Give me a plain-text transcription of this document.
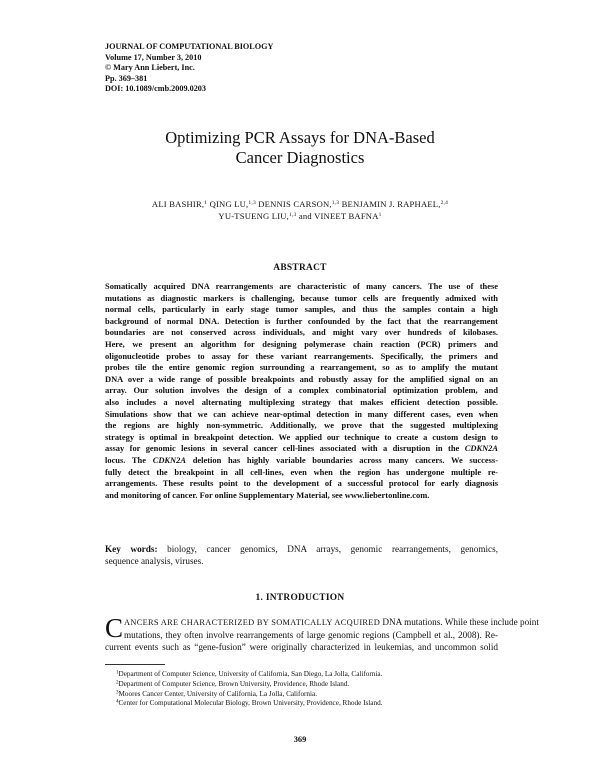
JOURNAL OF COMPUTATIONAL BIOLOGY
Volume 17, Number 3, 2010
© Mary Ann Liebert, Inc.
Pp. 369–381
DOI: 10.1089/cmb.2009.0203
Optimizing PCR Assays for DNA-Based
Cancer Diagnostics
ALI BASHIR,$^1$ QING LU,$^{1,3}$ DENNIS CARSON,$^{1,3}$ BENJAMIN J. RAPHAEL,$^{2,4}$
YU-TSUENG LIU,$^{1,3}$ and VINEET BAFNA$^1$
ABSTRACT
Somatically acquired DNA rearrangements are characteristic of many cancers. The use of these
mutations as diagnostic markers is challenging, because tumor cells are frequently admixed with
normal cells, particularly in early stage tumor samples, and thus the samples contain a high
background of normal DNA. Detection is further confounded by the fact that the rearrangement
boundaries are not conserved across individuals, and might vary over hundreds of kilobases.
Here, we present an algorithm for designing polymerase chain reaction (PCR) primers and
oligonucleotide probes to assay for these variant rearrangements. Specifically, the primers and
probes tile the entire genomic region surrounding a rearrangement, so as to amplify the mutant
DNA over a wide range of possible breakpoints and robustly assay for the amplified signal on an
array. Our solution involves the design of a complex combinatorial optimization problem, and
also includes a novel alternating multiplexing strategy that makes efficient detection possible.
Simulations show that we can achieve near-optimal detection in many different cases, even when
the regions are highly non-symmetric. Additionally, we prove that the suggested multiplexing
strategy is optimal in breakpoint detection. We applied our technique to create a custom design to
assay for genomic lesions in several cancer cell-lines associated with a disruption in the CDKN2A
locus. The CDKN2A deletion has highly variable boundaries across many cancers. We success-
fully detect the breakpoint in all cell-lines, even when the region has undergone multiple re-
arrangements. These results point to the development of a successful protocol for early diagnosis
and monitoring of cancer. For online Supplementary Material, see www.liebertonline.com.
Key words: biology, cancer genomics, DNA arrays, genomic rearrangements, genomics,
sequence analysis, viruses.
1. INTRODUCTION
C ANCERS ARE CHARACTERIZED BY SOMATICALLY ACQUIRED DNA mutations. While these include point
mutations, they often involve rearrangements of large genomic regions (Campbell et al., 2008). Re-
current events such as “gene-fusion” were originally characterized in leukemias, and uncommon solid
$^1$Department of Computer Science, University of California, San Diego, La Jolla, California.
$^2$Department of Computer Science, Brown University, Providence, Rhode Island.
$^3$Moores Cancer Center, University of California, La Jolla, California.
$^4$Center for Computational Molecular Biology, Brown University, Providence, Rhode Island.
369
